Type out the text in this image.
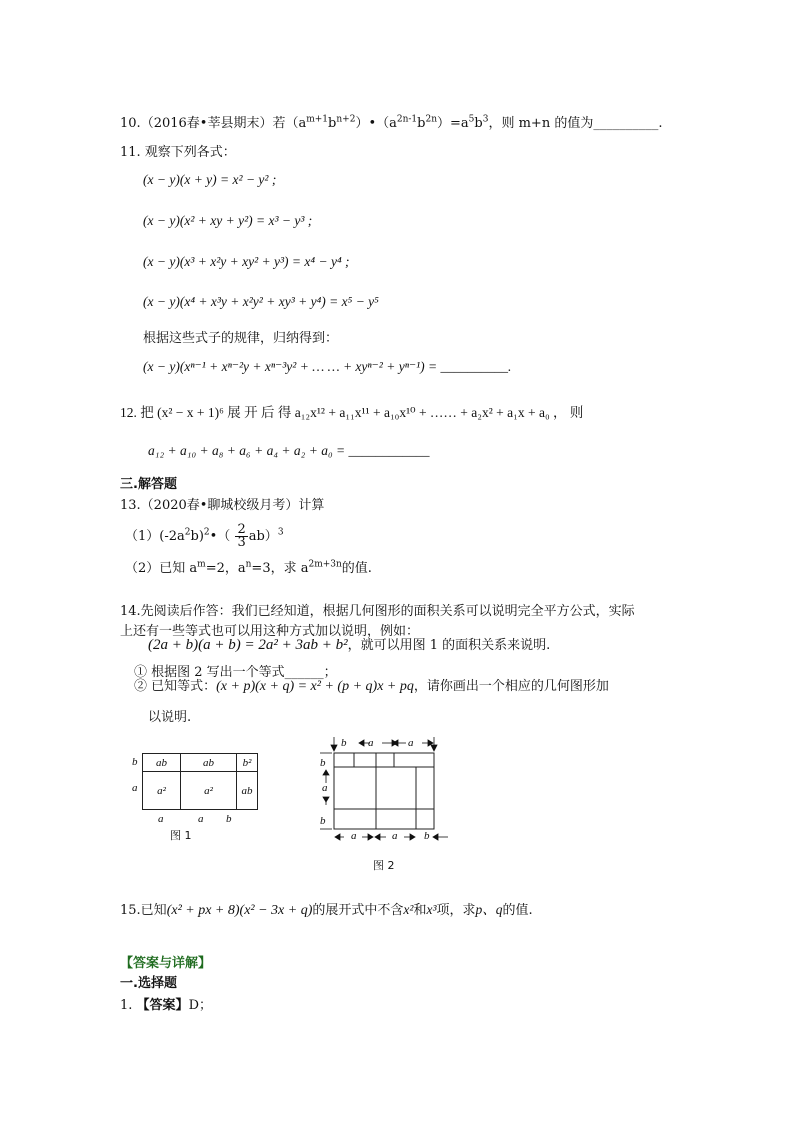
10.（2016春•莘县期末）若$(a^{m+1}b^{n+2})•(a^{2n-1}b^{2n})=a^5b^3$，则 m+n 的值为__________.
11. 观察下列各式：
(x − y)(x + y) = x² − y² ;
(x − y)(x² + xy + y²) = x³ − y³ ;
(x − y)(x³ + x²y + xy² + y³) = x⁴ − y⁴ ;
(x − y)(x⁴ + x³y + x²y² + xy³ + y⁴) = x⁵ − y⁵
根据这些式子的规律，归纳得到：
(x − y)(xⁿ⁻¹ + xⁿ⁻²y + xⁿ⁻³y² + … … + xyⁿ⁻² + yⁿ⁻¹) = __________.
12. 把 (x² − x + 1)⁶ 展 开 后 得 a₁₂x¹² + a₁₁x¹¹ + a₁₀x¹⁰ + …… + a₂x² + a₁x + a₀ ， 则
a₁₂ + a₁₀ + a₈ + a₆ + a₄ + a₂ + a₀ = ____________
三.解答题
13.（2020春•聊城校级月考）计算
$(1)(-2a^2b)^2•( \frac{2}{3} ab)^3$
（2）已知 $a^m=2$，$a^n=3$，求 $a^{2m+3n}$的值.
14.先阅读后作答：我们已经知道，根据几何图形的面积关系可以说明完全平方公式，实际
上还有一些等式也可以用这种方式加以说明，例如：
(2a + b)(a + b) = 2a² + 3ab + b²，就可以用图 1 的面积关系来说明.
① 根据图 2 写出一个等式______；
② 已知等式：(x + p)(x + q) = x² + (p + q)x + pq，请你画出一个相应的几何图形加
以说明.
b
a
ab	ab	b²
a²	a²	ab
a	a b
图 1
b a	a
b
a
b
a	a b
图 2
15.已知(x² + px + 8)(x² − 3x + q)的展开式中不含x²和x³项，求p、q的值.
【答案与详解】
一.选择题
1. 【答案】D；
